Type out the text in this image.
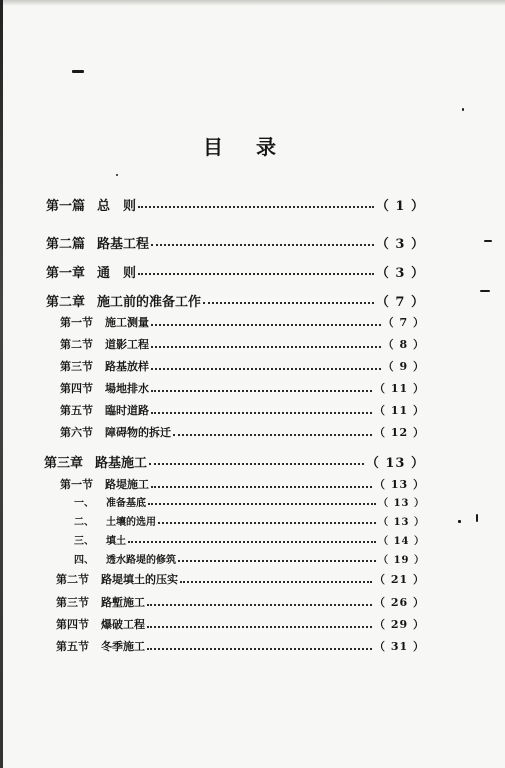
目 录
第一篇 总　则	（ 1 ）
第二篇 路基工程	（ 3 ）
第一章 通　则	（ 3 ）
第二章 施工前的准备工作	（ 7 ）
第一节 施工测量	（ 7 ）
第二节 道影工程	（ 8 ）
第三节 路基放样	（ 9 ）
第四节 場地排水	（ 11 ）
第五节 臨时道路	（ 11 ）
第六节 障碍物的拆迁	（ 12 ）
第三章 路基施工	（ 13 ）
第一节 路堤施工	（ 13 ）
一、 准备基底	（ 13 ）
二、 土壤的选用	（ 13 ）
三、 填土	（ 14 ）
四、 透水路堤的修筑	（ 19 ）
第二节 路堤填土的压实	（ 21 ）
第三节 路塹施工	（ 26 ）
第四节 爆破工程	（ 29 ）
第五节 冬季施工	（ 31 ）
